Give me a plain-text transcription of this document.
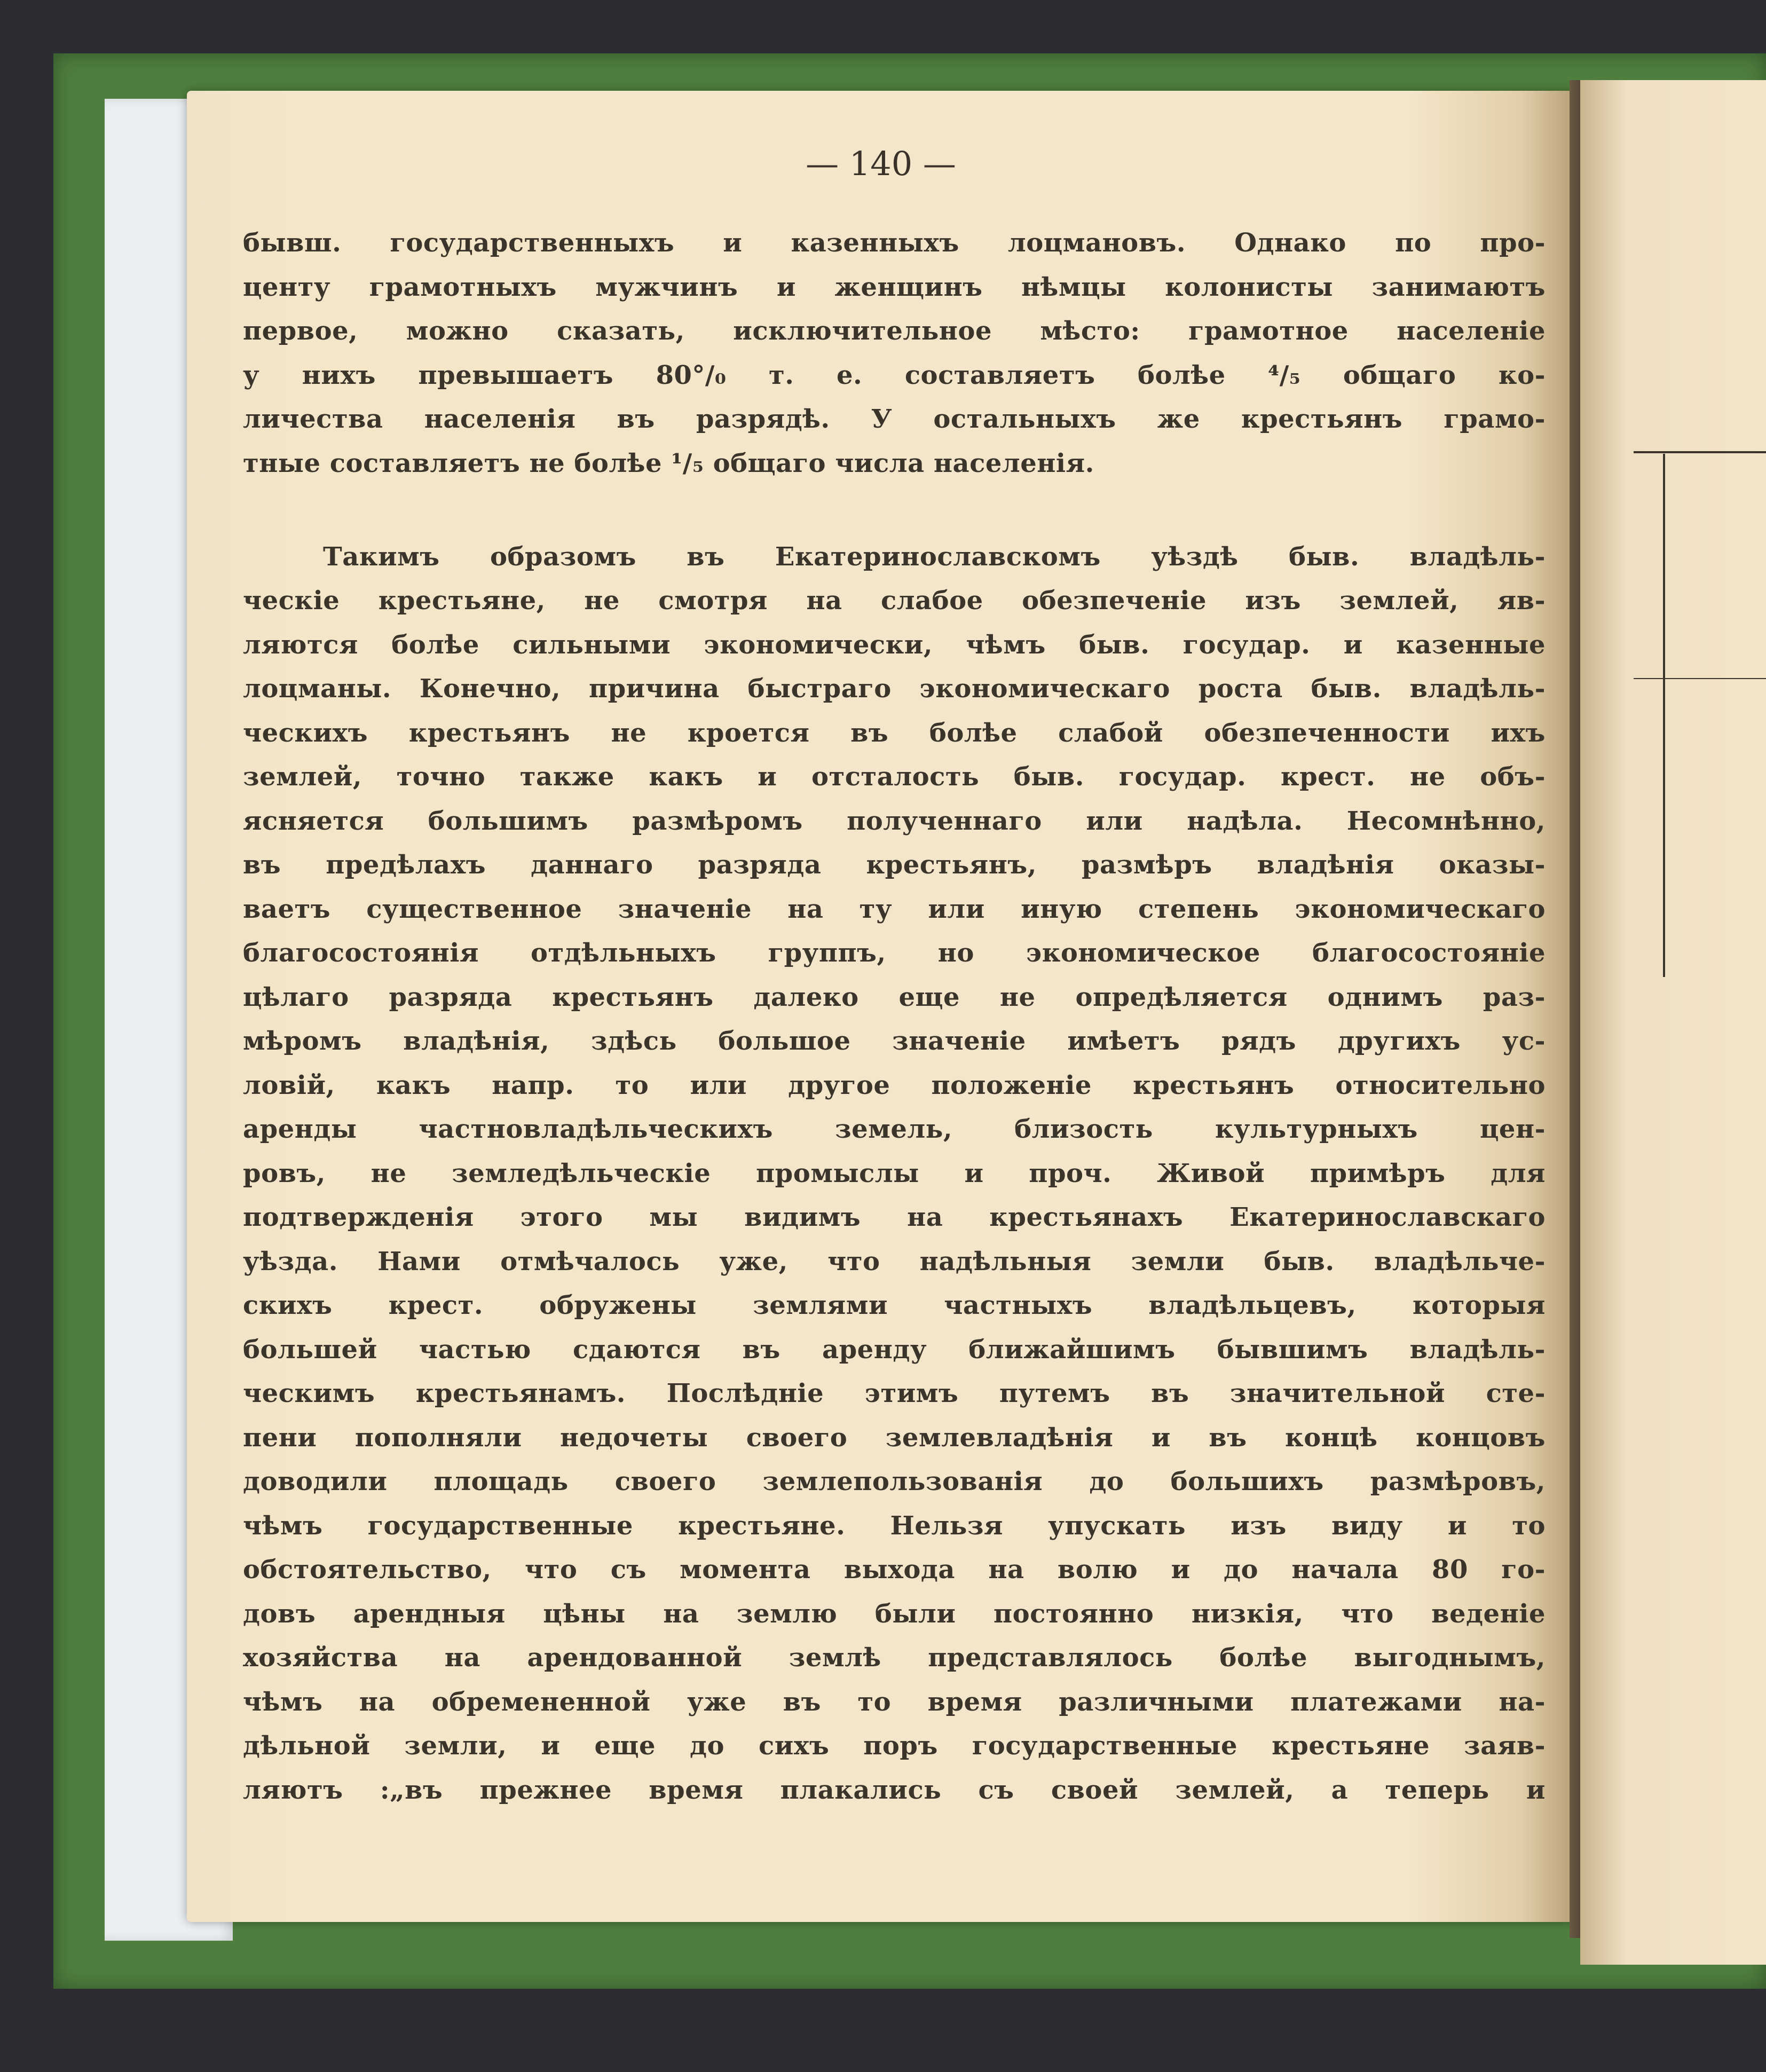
— 140 —
бывш. государственныхъ и казенныхъ лоцмановъ. Однако по про-
центу грамотныхъ мужчинъ и женщинъ нѣмцы колонисты занимаютъ
первое, можно сказать, исключительное мѣсто: грамотное населеніе
у нихъ превышаетъ 80°/₀ т. е. составляетъ болѣе ⁴/₅ общаго ко-
личества населенія въ разрядѣ. У остальныхъ же крестьянъ грамо-
тные составляетъ не болѣе ¹/₅ общаго числа населенія.
Такимъ образомъ въ Екатеринославскомъ уѣздѣ быв. владѣль-
ческіе крестьяне, не смотря на слабое обезпеченіе изъ землей, яв-
ляются болѣе сильными экономически, чѣмъ быв. государ. и казенные
лоцманы. Конечно, причина быстраго экономическаго роста быв. владѣль-
ческихъ крестьянъ не кроется въ болѣе слабой обезпеченности ихъ
землей, точно также какъ и отсталость быв. государ. крест. не объ-
ясняется большимъ размѣромъ полученнаго или надѣла. Несомнѣнно,
въ предѣлахъ даннаго разряда крестьянъ, размѣръ владѣнія оказы-
ваетъ существенное значеніе на ту или иную степень экономическаго
благосостоянія отдѣльныхъ группъ, но экономическое благосостояніе
цѣлаго разряда крестьянъ далеко еще не опредѣляется однимъ раз-
мѣромъ владѣнія, здѣсь большое значеніе имѣетъ рядъ другихъ ус-
ловій, какъ напр. то или другое положеніе крестьянъ относительно
аренды частновладѣльческихъ земель, близость культурныхъ цен-
ровъ, не земледѣльческіе промыслы и проч. Живой примѣръ для
подтвержденія этого мы видимъ на крестьянахъ Екатеринославскаго
уѣзда. Нами отмѣчалось уже, что надѣльныя земли быв. владѣльче-
скихъ крест. обружены землями частныхъ владѣльцевъ, которыя
большей частью сдаются въ аренду ближайшимъ бывшимъ владѣль-
ческимъ крестьянамъ. Послѣдніе этимъ путемъ въ значительной сте-
пени пополняли недочеты своего землевладѣнія и въ концѣ концовъ
доводили площадь своего землепользованія до большихъ размѣровъ,
чѣмъ государственные крестьяне. Нельзя упускать изъ виду и то
обстоятельство, что съ момента выхода на волю и до начала 80 го-
довъ арендныя цѣны на землю были постоянно низкія, что веденіе
хозяйства на арендованной землѣ представлялось болѣе выгоднымъ,
чѣмъ на обремененной уже въ то время различными платежами на-
дѣльной земли, и еще до сихъ поръ государственные крестьяне заяв-
ляютъ :„въ прежнее время плакались съ своей землей, а теперь и
